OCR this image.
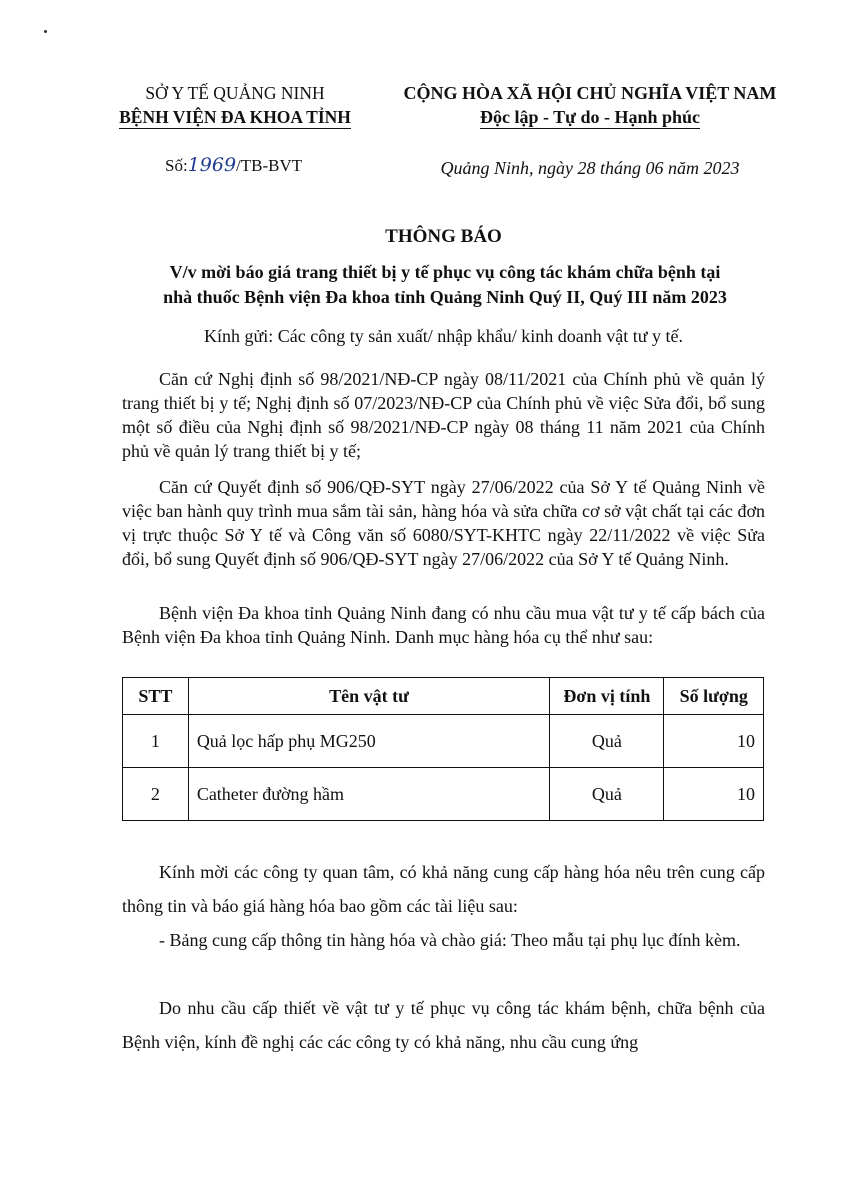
SỞ Y TẾ QUẢNG NINH
BỆNH VIỆN ĐA KHOA TỈNH
CỘNG HÒA XÃ HỘI CHỦ NGHĨA VIỆT NAM
Độc lập - Tự do - Hạnh phúc
Số:1969/TB-BVT	Quảng Ninh, ngày 28 tháng 06 năm 2023
THÔNG BÁO
V/v mời báo giá trang thiết bị y tế phục vụ công tác khám chữa bệnh tại
nhà thuốc Bệnh viện Đa khoa tỉnh Quảng Ninh Quý II, Quý III năm 2023
Kính gửi: Các công ty sản xuất/ nhập khẩu/ kinh doanh vật tư y tế.
Căn cứ Nghị định số 98/2021/NĐ-CP ngày 08/11/2021 của Chính phủ về quản lý trang thiết bị y tế; Nghị định số 07/2023/NĐ-CP của Chính phủ về việc Sửa đổi, bổ sung một số điều của Nghị định số 98/2021/NĐ-CP ngày 08 tháng 11 năm 2021 của Chính phủ về quản lý trang thiết bị y tế;
Căn cứ Quyết định số 906/QĐ-SYT ngày 27/06/2022 của Sở Y tế Quảng Ninh về việc ban hành quy trình mua sắm tài sản, hàng hóa và sửa chữa cơ sở vật chất tại các đơn vị trực thuộc Sở Y tế và Công văn số 6080/SYT-KHTC ngày 22/11/2022 về việc Sửa đổi, bổ sung Quyết định số 906/QĐ-SYT ngày 27/06/2022 của Sở Y tế Quảng Ninh.
Bệnh viện Đa khoa tỉnh Quảng Ninh đang có nhu cầu mua vật tư y tế cấp bách của Bệnh viện Đa khoa tỉnh Quảng Ninh. Danh mục hàng hóa cụ thể như sau:
STT	Tên vật tư	Đơn vị tính	Số lượng
1	Quả lọc hấp phụ MG250	Quả	10
2	Catheter đường hầm	Quả	10
Kính mời các công ty quan tâm, có khả năng cung cấp hàng hóa nêu trên cung cấp thông tin và báo giá hàng hóa bao gồm các tài liệu sau:
- Bảng cung cấp thông tin hàng hóa và chào giá: Theo mẫu tại phụ lục đính kèm.
Do nhu cầu cấp thiết về vật tư y tế phục vụ công tác khám bệnh, chữa bệnh của Bệnh viện, kính đề nghị các các công ty có khả năng, nhu cầu cung ứng
